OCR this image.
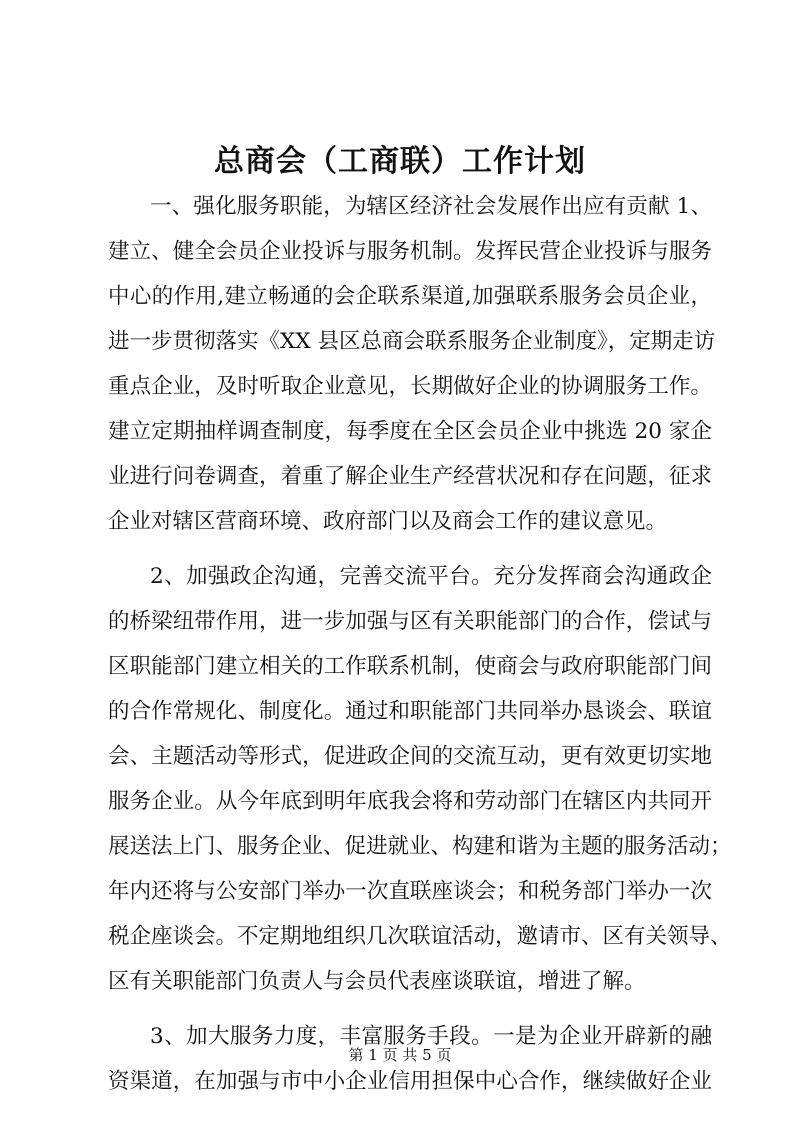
总商会（工商联）工作计划
一、强化服务职能，为辖区经济社会发展作出应有贡献 1、
建立、健全会员企业投诉与服务机制。发挥民营企业投诉与服务
中心的作用,建立畅通的会企联系渠道,加强联系服务会员企业，
进一步贯彻落实《XX 县区总商会联系服务企业制度》，定期走访
重点企业，及时听取企业意见，长期做好企业的协调服务工作。
建立定期抽样调查制度，每季度在全区会员企业中挑选 20 家企
业进行问卷调查，着重了解企业生产经营状况和存在问题，征求
企业对辖区营商环境、政府部门以及商会工作的建议意见。
2、加强政企沟通，完善交流平台。充分发挥商会沟通政企
的桥梁纽带作用，进一步加强与区有关职能部门的合作，偿试与
区职能部门建立相关的工作联系机制，使商会与政府职能部门间
的合作常规化、制度化。通过和职能部门共同举办恳谈会、联谊
会、主题活动等形式，促进政企间的交流互动，更有效更切实地
服务企业。从今年底到明年底我会将和劳动部门在辖区内共同开
展送法上门、服务企业、促进就业、构建和谐为主题的服务活动；
年内还将与公安部门举办一次直联座谈会；和税务部门举办一次
税企座谈会。不定期地组织几次联谊活动，邀请市、区有关领导、
区有关职能部门负责人与会员代表座谈联谊，增进了解。
3、加大服务力度，丰富服务手段。一是为企业开辟新的融
资渠道，在加强与市中小企业信用担保中心合作，继续做好企业
第 1 页 共 5 页
